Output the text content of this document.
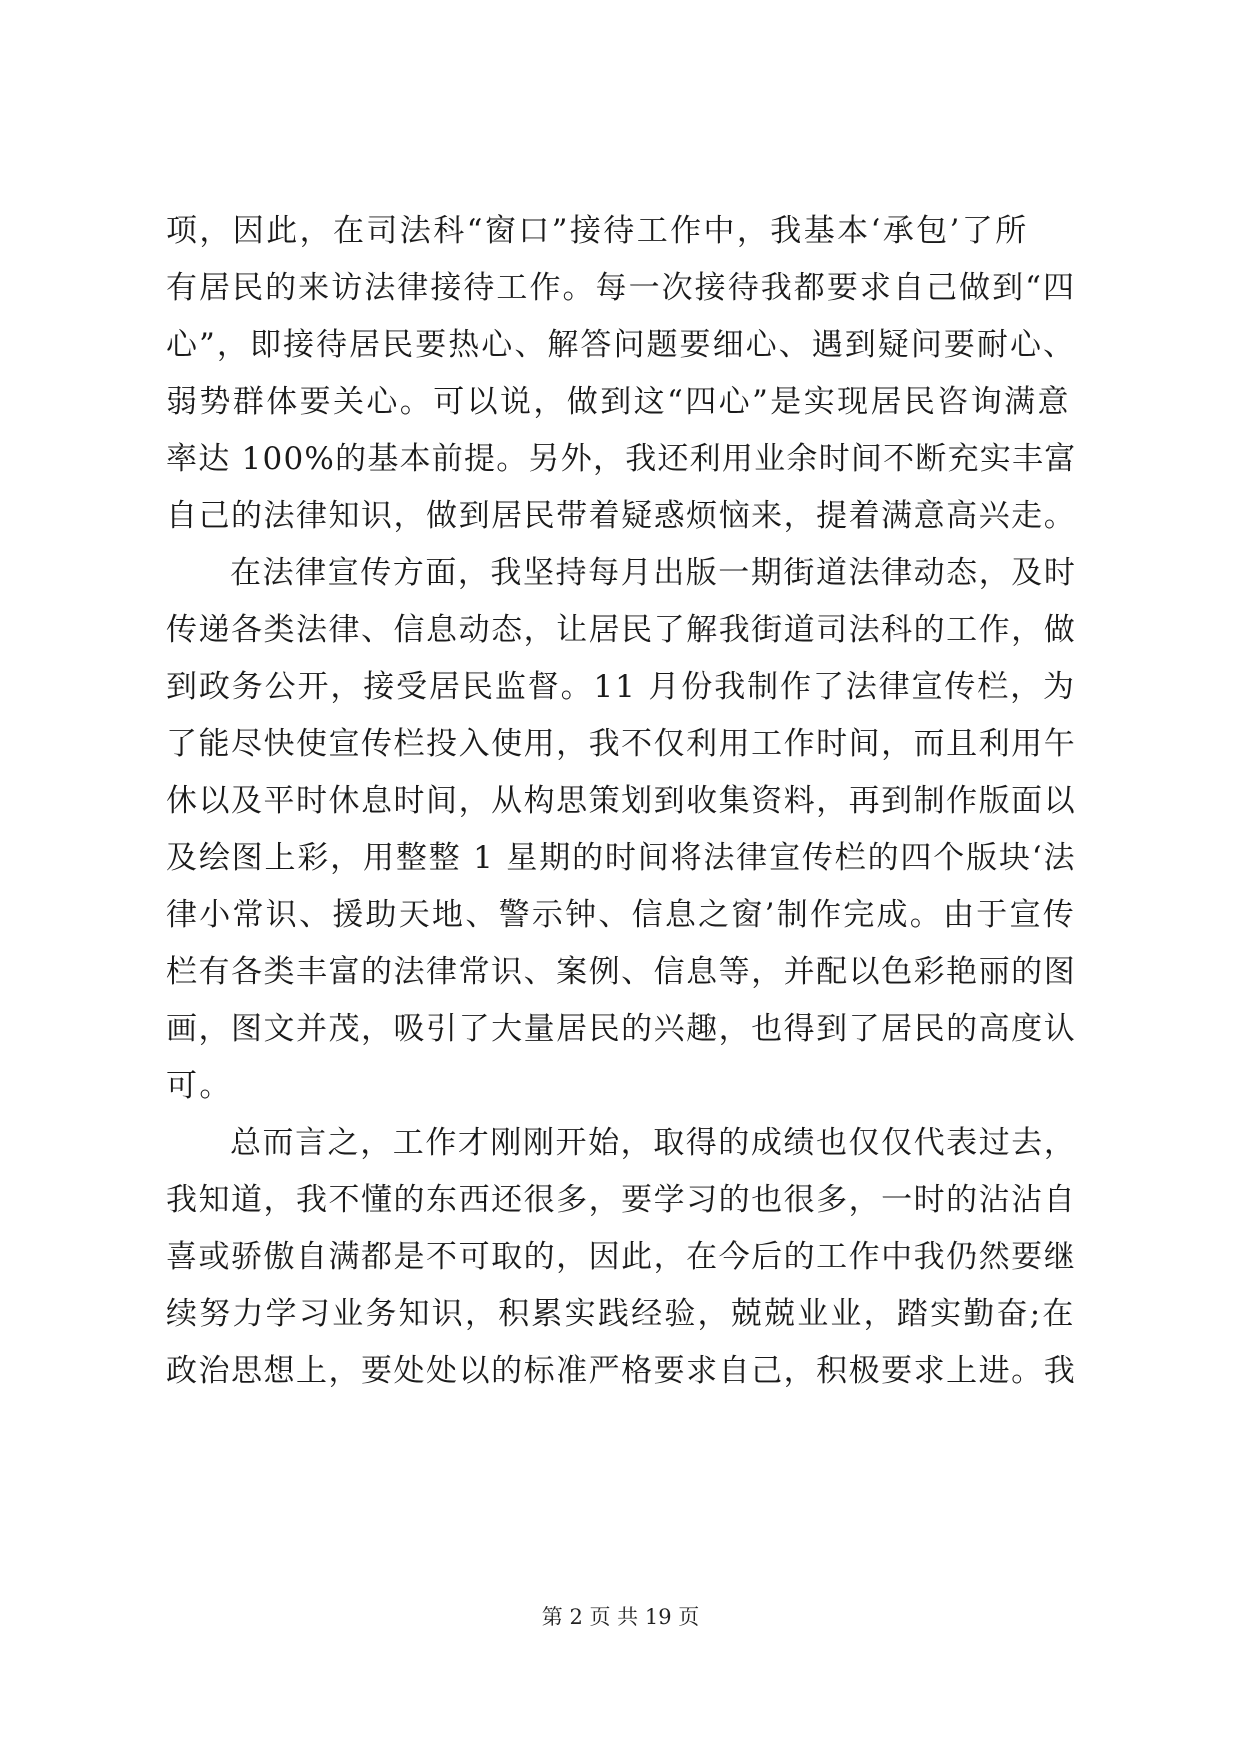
项，因此，在司法科“窗口”接待工作中，我基本‘承包’了所
有居民的来访法律接待工作。每一次接待我都要求自己做到“四
心”，即接待居民要热心、解答问题要细心、遇到疑问要耐心、
弱势群体要关心。可以说，做到这“四心”是实现居民咨询满意
率达 100%的基本前提。另外，我还利用业余时间不断充实丰富
自己的法律知识，做到居民带着疑惑烦恼来，提着满意高兴走。
在法律宣传方面，我坚持每月出版一期街道法律动态，及时
传递各类法律、信息动态，让居民了解我街道司法科的工作，做
到政务公开，接受居民监督。11 月份我制作了法律宣传栏，为
了能尽快使宣传栏投入使用，我不仅利用工作时间，而且利用午
休以及平时休息时间，从构思策划到收集资料，再到制作版面以
及绘图上彩，用整整 1 星期的时间将法律宣传栏的四个版块‘法
律小常识、援助天地、警示钟、信息之窗’制作完成。由于宣传
栏有各类丰富的法律常识、案例、信息等，并配以色彩艳丽的图
画，图文并茂，吸引了大量居民的兴趣，也得到了居民的高度认
可。
总而言之，工作才刚刚开始，取得的成绩也仅仅代表过去，
我知道，我不懂的东西还很多，要学习的也很多，一时的沾沾自
喜或骄傲自满都是不可取的，因此，在今后的工作中我仍然要继
续努力学习业务知识，积累实践经验，兢兢业业，踏实勤奋;在
政治思想上，要处处以的标准严格要求自己，积极要求上进。我
第 2 页 共 19 页
